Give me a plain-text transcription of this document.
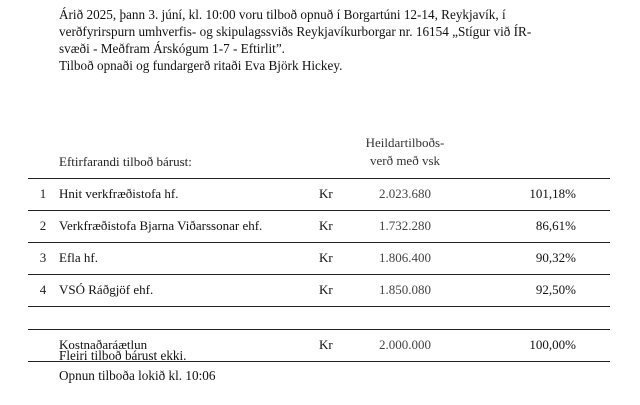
Árið 2025, þann 3. júní, kl. 10:00 voru tilboð opnuð í Borgartúni 12-14, Reykjavík, í

verðfyrirspurn umhverfis- og skipulagssviðs Reykjavíkurborgar nr. 16154 „Stígur við ÍR-

svæði - Meðfram Árskógum 1-7 - Eftirlit”.

Tilboð opnaði og fundargerð ritaði Eva Björk Hickey.

Heildartilboðs-
verð með vsk
Eftirfarandi tilboð bárust:
1 Hnit verkfræðistofa hf.	Kr	2.023.680	101,18%
2 Verkfræðistofa Bjarna Viðarssonar ehf.	Kr	1.732.280	86,61%
3 Efla hf.	Kr	1.806.400	90,32%
4 VSÓ Ráðgjöf ehf.	Kr	1.850.080	92,50%
Kostnaðaráætlun	Kr	2.000.000	100,00%

Fleiri tilboð bárust ekki.

Opnun tilboða lokið kl. 10:06
